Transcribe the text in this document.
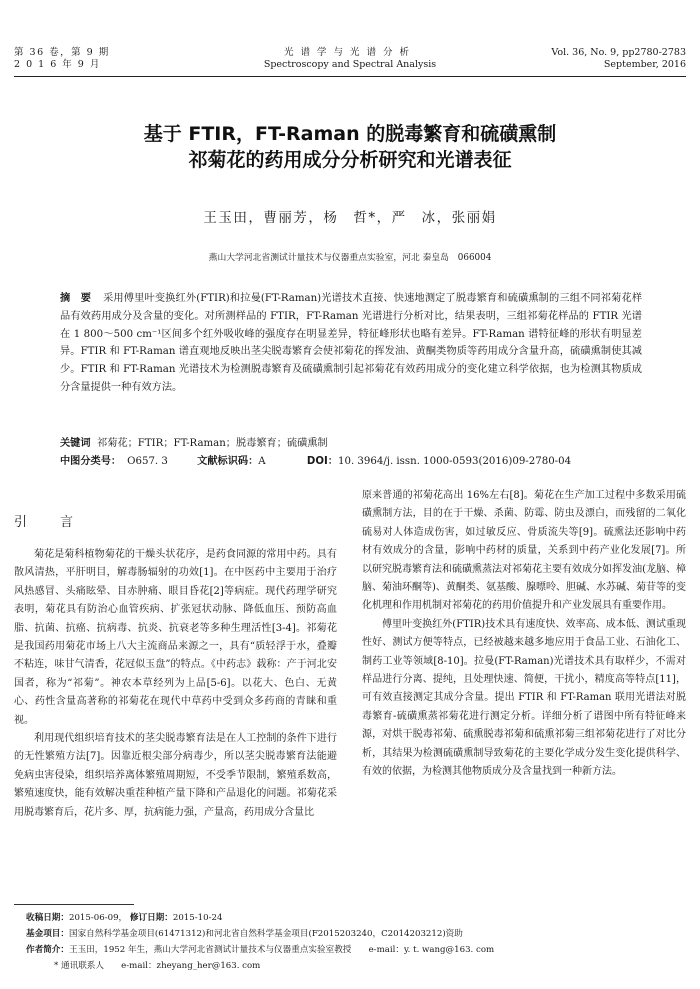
第 36 卷，第 9 期
2 0 1 6 年 9 月
光谱学与光谱分析
Spectroscopy and Spectral Analysis
Vol. 36, No. 9, pp2780-2783
September, 2016
基于 FTIR，FT-Raman 的脱毒繁育和硫磺熏制
祁菊花的药用成分分析研究和光谱表征
王玉田，曹丽芳，杨　哲*，严　冰，张丽娟
燕山大学河北省测试计量技术与仪器重点实验室，河北 秦皇岛　066004
摘　要 采用傅里叶变换红外(FTIR)和拉曼(FT-Raman)光谱技术直接、快速地测定了脱毒繁育和硫磺熏制的三组不同祁菊花样品有效药用成分及含量的变化。对所测样品的 FTIR，FT-Raman 光谱进行分析对比，结果表明，三组祁菊花样品的 FTIR 光谱在 1 800～500 cm⁻¹区间多个红外吸收峰的强度存在明显差异，特征峰形状也略有差异。FT-Raman 谱特征峰的形状有明显差异。FTIR 和 FT-Raman 谱直观地反映出茎尖脱毒繁育会使祁菊花的挥发油、黄酮类物质等药用成分含量升高，硫磺熏制使其减少。FTIR 和 FT-Raman 光谱技术为检测脱毒繁育及硫磺熏制引起祁菊花有效药用成分的变化建立科学依据，也为检测其物质成分含量提供一种有效方法。
关键词 祁菊花；FTIR；FT-Raman；脱毒繁育；硫磺熏制
中图分类号： O657. 3	文献标识码：A	DOI：10. 3964/j. issn. 1000-0593(2016)09-2780-04
引　言

菊花是菊科植物菊花的干燥头状花序，是药食同源的常用中药。具有散风清热，平肝明目，解毒肠辐射的功效[1]。在中医药中主要用于治疗风热感冒、头痛眩晕、目赤肿痛、眼目昏花[2]等病症。现代药理学研究表明，菊花具有防治心血管疾病、扩张冠状动脉、降低血压、预防高血脂、抗菌、抗癌、抗病毒、抗炎、抗衰老等多种生理活性[3-4]。祁菊花是我国药用菊花市场上八大主流商品来源之一，具有“质轻浮于水，叠瓣不粘连，味甘气清香，花冠似玉盘”的特点。《中药志》载称：产于河北安国者，称为“祁菊”。神农本草经列为上品[5-6]。以花大、色白、无黄心、药性含量高著称的祁菊花在现代中草药中受到众多药商的青睐和重视。

利用现代组织培育技术的茎尖脱毒繁育法是在人工控制的条件下进行的无性繁殖方法[7]。因靠近根尖部分病毒少，所以茎尖脱毒繁育法能避免病虫害侵染，组织培养离体繁殖周期短，不受季节限制，繁殖系数高，繁殖速度快，能有效解决重茬种植产量下降和产品退化的问题。祁菊花采用脱毒繁育后，花片多、厚，抗病能力强，产量高，药用成分含量比

原来普通的祁菊花高出 16%左右[8]。菊花在生产加工过程中多数采用硫磺熏制方法，目的在于干燥、杀菌、防霉、防虫及漂白，而残留的二氧化硫易对人体造成伤害，如过敏反应、骨质流失等[9]。硫熏法还影响中药材有效成分的含量，影响中药材的质量，关系到中药产业化发展[7]。所以研究脱毒繁育法和硫磺熏蒸法对祁菊花主要有效成分如挥发油(龙脑、樟脑、菊油环酮等)、黄酮类、氨基酸、腺嘌呤、胆碱、水苏碱、菊苷等的变化机理和作用机制对祁菊花的药用价值提升和产业发展具有重要作用。

傅里叶变换红外(FTIR)技术具有速度快、效率高、成本低、测试重现性好、测试方便等特点，已经被越来越多地应用于食品工业、石油化工、制药工业等领域[8-10]。拉曼(FT-Raman)光谱技术具有取样少，不需对样品进行分离、提纯，且处理快速、简便，干扰小，精度高等特点[11]，可有效直接测定其成分含量。提出 FTIR 和 FT-Raman 联用光谱法对脱毒繁育-硫磺熏蒸祁菊花进行测定分析。详细分析了谱图中所有特征峰来源，对烘干脱毒祁菊、硫熏脱毒祁菊和硫熏祁菊三组祁菊花进行了对比分析，其结果为检测硫磺熏制导致菊花的主要化学成分发生变化提供科学、有效的依据，为检测其他物质成分及含量找到一种新方法。

收稿日期：2015-06-09， 修订日期：2015-10-24
基金项目：国家自然科学基金项目(61471312)和河北省自然科学基金项目(F2015203240，C2014203212)资助
作者简介：王玉田，1952 年生，燕山大学河北省测试计量技术与仪器重点实验室教授　　e-mail：y. t. wang@163. com
* 通讯联系人　　e-mail：zheyang_her@163. com
